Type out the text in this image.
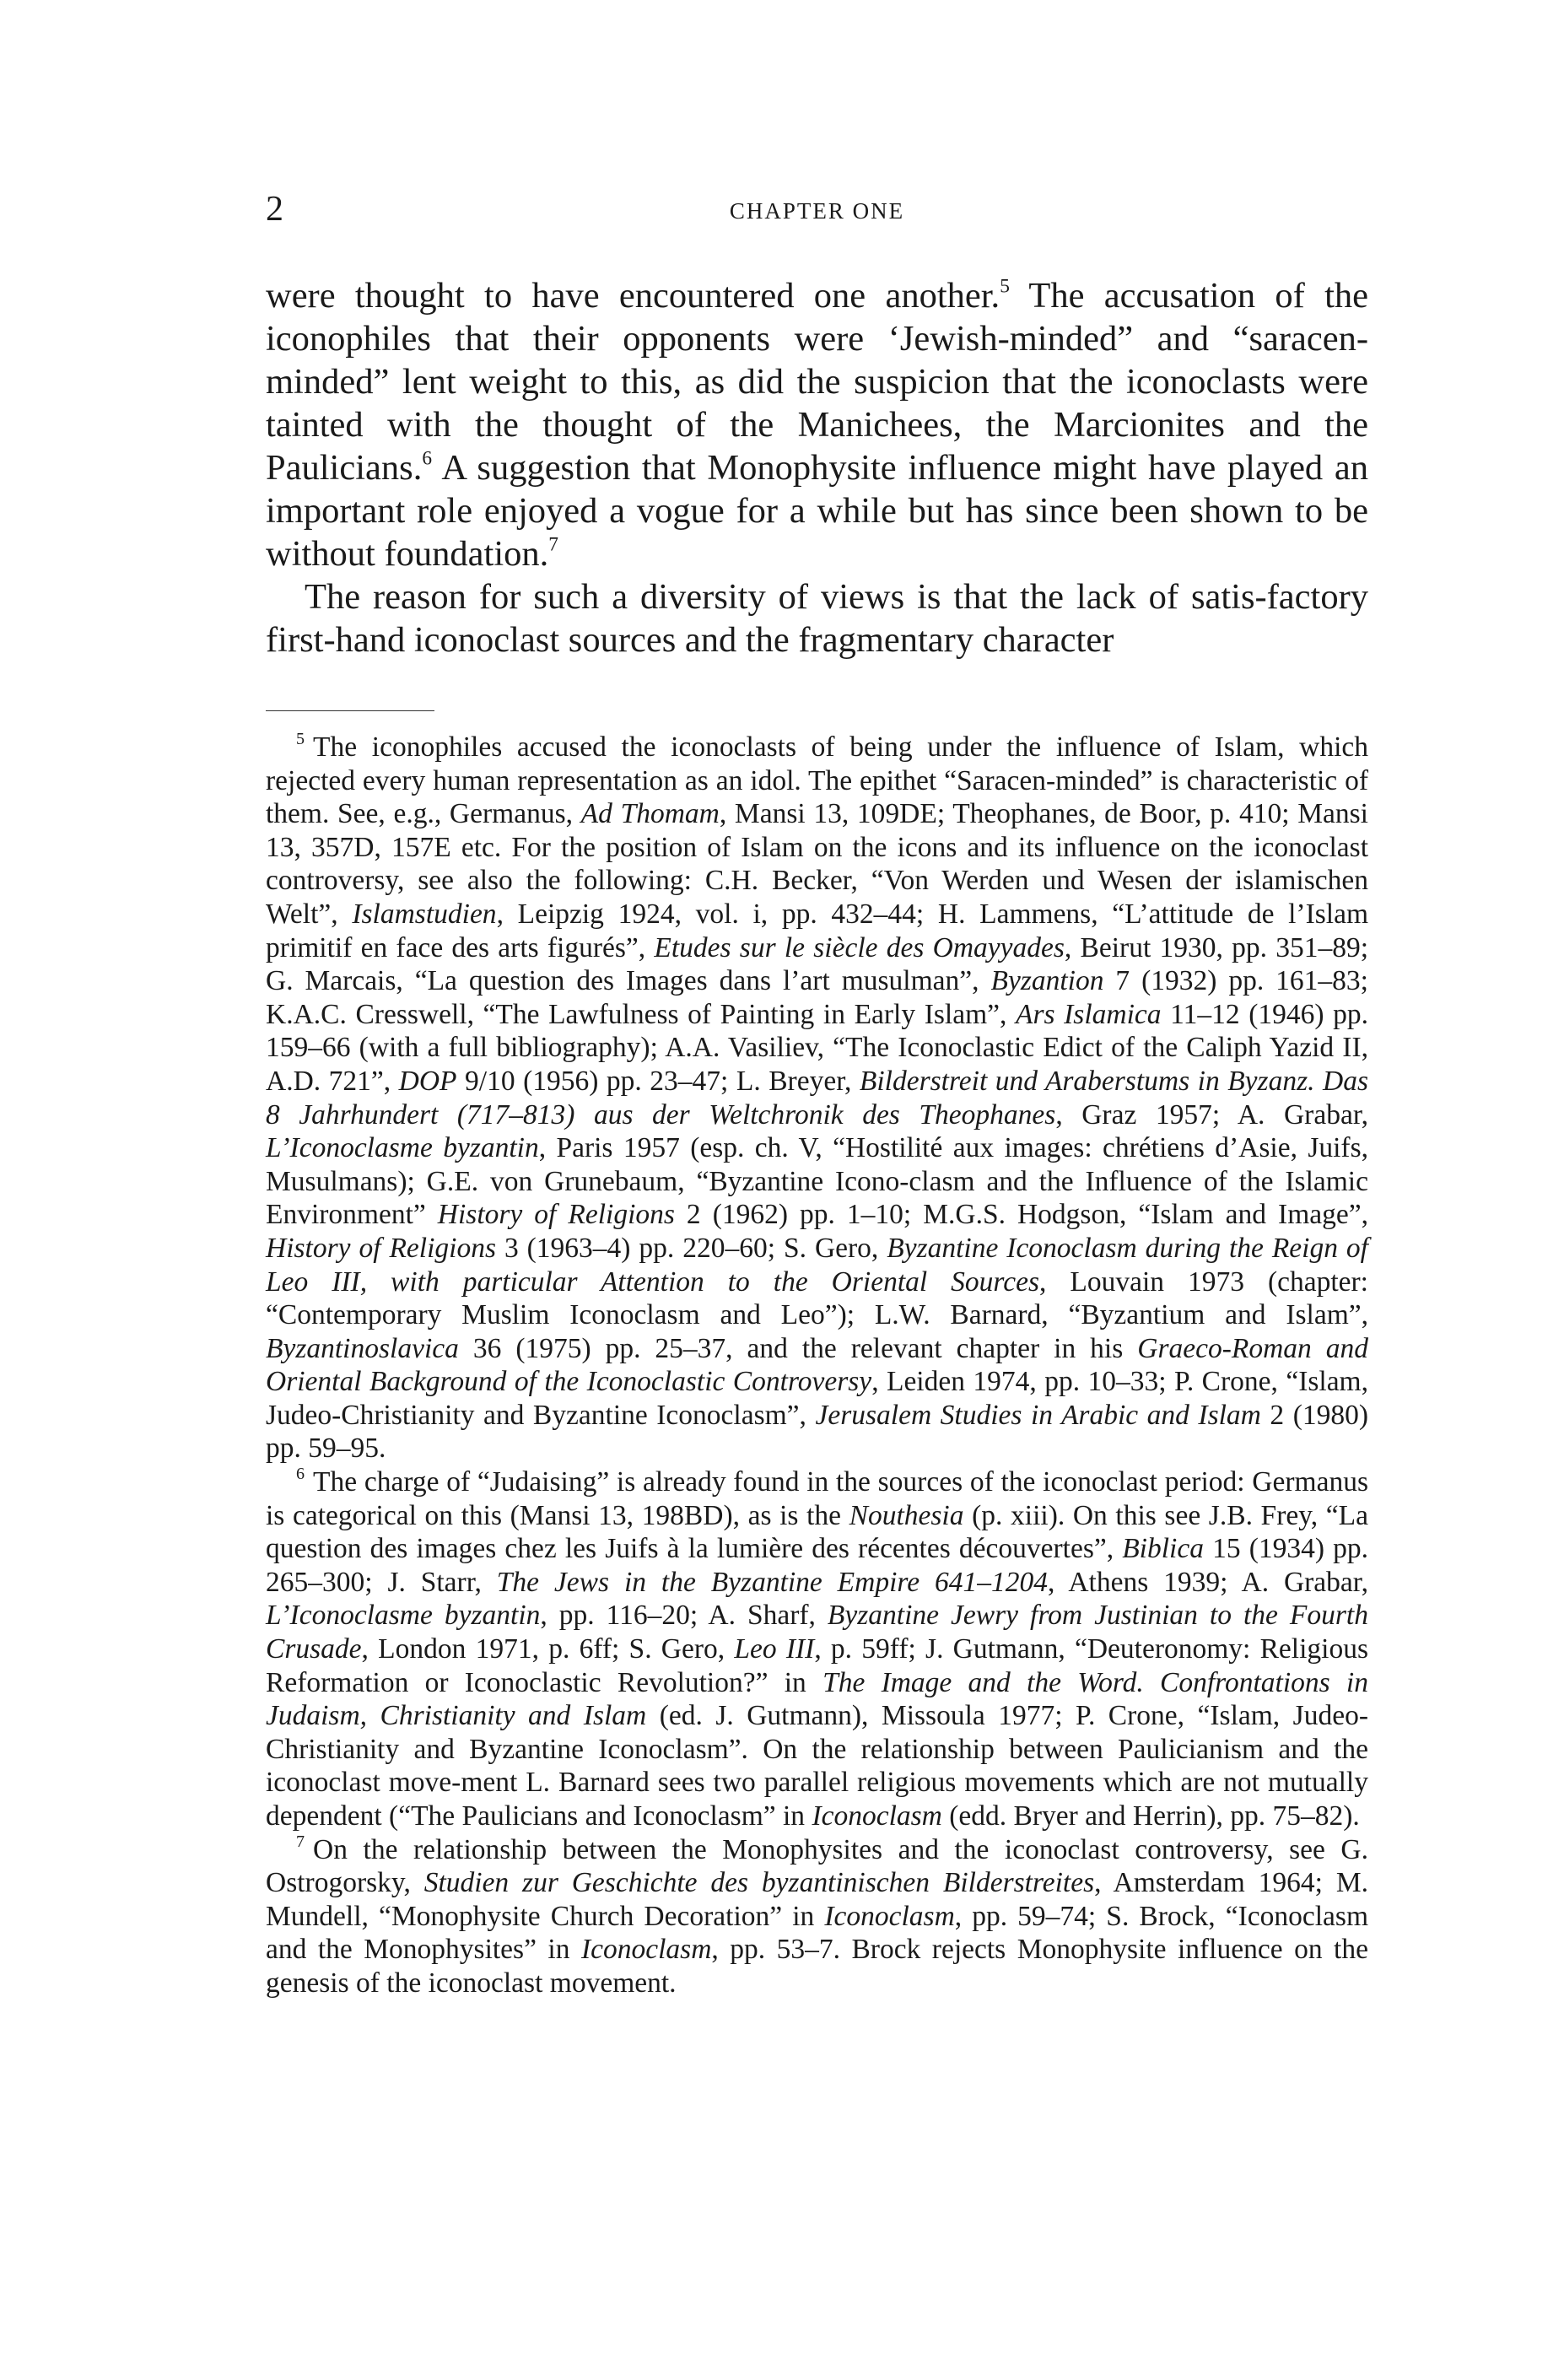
2	CHAPTER ONE

were thought to have encountered one another.$^5$ The accusation of the iconophiles that their opponents were ‘Jewish-minded” and “saracen-minded” lent weight to this, as did the suspicion that the iconoclasts were tainted with the thought of the Manichees, the Marcionites and the Paulicians.$^6$ A suggestion that Monophysite influence might have played an important role enjoyed a vogue for a while but has since been shown to be without foundation.$^7$

The reason for such a diversity of views is that the lack of satis-factory first-hand iconoclast sources and the fragmentary character

$^5$ The iconophiles accused the iconoclasts of being under the influence of Islam, which rejected every human representation as an idol. The epithet “Saracen-minded” is characteristic of them. See, e.g., Germanus, Ad Thomam, Mansi 13, 109DE; Theophanes, de Boor, p. 410; Mansi 13, 357D, 157E etc. For the position of Islam on the icons and its influence on the iconoclast controversy, see also the following: C.H. Becker, “Von Werden und Wesen der islamischen Welt”, Islamstudien, Leipzig 1924, vol. i, pp. 432–44; H. Lammens, “L’attitude de l’Islam primitif en face des arts figurés”, Etudes sur le siècle des Omayyades, Beirut 1930, pp. 351–89; G. Marcais, “La question des Images dans l’art musulman”, Byzantion 7 (1932) pp. 161–83; K.A.C. Cresswell, “The Lawfulness of Painting in Early Islam”, Ars Islamica 11–12 (1946) pp. 159–66 (with a full bibliography); A.A. Vasiliev, “The Iconoclastic Edict of the Caliph Yazid II, A.D. 721”, DOP 9/10 (1956) pp. 23–47; L. Breyer, Bilderstreit und Araberstums in Byzanz. Das 8 Jahrhundert (717–813) aus der Weltchronik des Theophanes, Graz 1957; A. Grabar, L’Iconoclasme byzantin, Paris 1957 (esp. ch. V, “Hostilité aux images: chrétiens d’Asie, Juifs, Musulmans); G.E. von Grunebaum, “Byzantine Icono-clasm and the Influence of the Islamic Environment” History of Religions 2 (1962) pp. 1–10; M.G.S. Hodgson, “Islam and Image”, History of Religions 3 (1963–4) pp. 220–60; S. Gero, Byzantine Iconoclasm during the Reign of Leo III, with particular Attention to the Oriental Sources, Louvain 1973 (chapter: “Contemporary Muslim Iconoclasm and Leo”); L.W. Barnard, “Byzantium and Islam”, Byzantinoslavica 36 (1975) pp. 25–37, and the relevant chapter in his Graeco-Roman and Oriental Background of the Iconoclastic Controversy, Leiden 1974, pp. 10–33; P. Crone, “Islam, Judeo-Christianity and Byzantine Iconoclasm”, Jerusalem Studies in Arabic and Islam 2 (1980) pp. 59–95.

$^6$ The charge of “Judaising” is already found in the sources of the iconoclast period: Germanus is categorical on this (Mansi 13, 198BD), as is the Nouthesia (p. xiii). On this see J.B. Frey, “La question des images chez les Juifs à la lumière des récentes découvertes”, Biblica 15 (1934) pp. 265–300; J. Starr, The Jews in the Byzantine Empire 641–1204, Athens 1939; A. Grabar, L’Iconoclasme byzantin, pp. 116–20; A. Sharf, Byzantine Jewry from Justinian to the Fourth Crusade, London 1971, p. 6ff; S. Gero, Leo III, p. 59ff; J. Gutmann, “Deuteronomy: Religious Reformation or Iconoclastic Revolution?” in The Image and the Word. Confrontations in Judaism, Christianity and Islam (ed. J. Gutmann), Missoula 1977; P. Crone, “Islam, Judeo-Christianity and Byzantine Iconoclasm”. On the relationship between Paulicianism and the iconoclast move-ment L. Barnard sees two parallel religious movements which are not mutually dependent (“The Paulicians and Iconoclasm” in Iconoclasm (edd. Bryer and Herrin), pp. 75–82).

$^7$ On the relationship between the Monophysites and the iconoclast controversy, see G. Ostrogorsky, Studien zur Geschichte des byzantinischen Bilderstreites, Amsterdam 1964; M. Mundell, “Monophysite Church Decoration” in Iconoclasm, pp. 59–74; S. Brock, “Iconoclasm and the Monophysites” in Iconoclasm, pp. 53–7. Brock rejects Monophysite influence on the genesis of the iconoclast movement.
